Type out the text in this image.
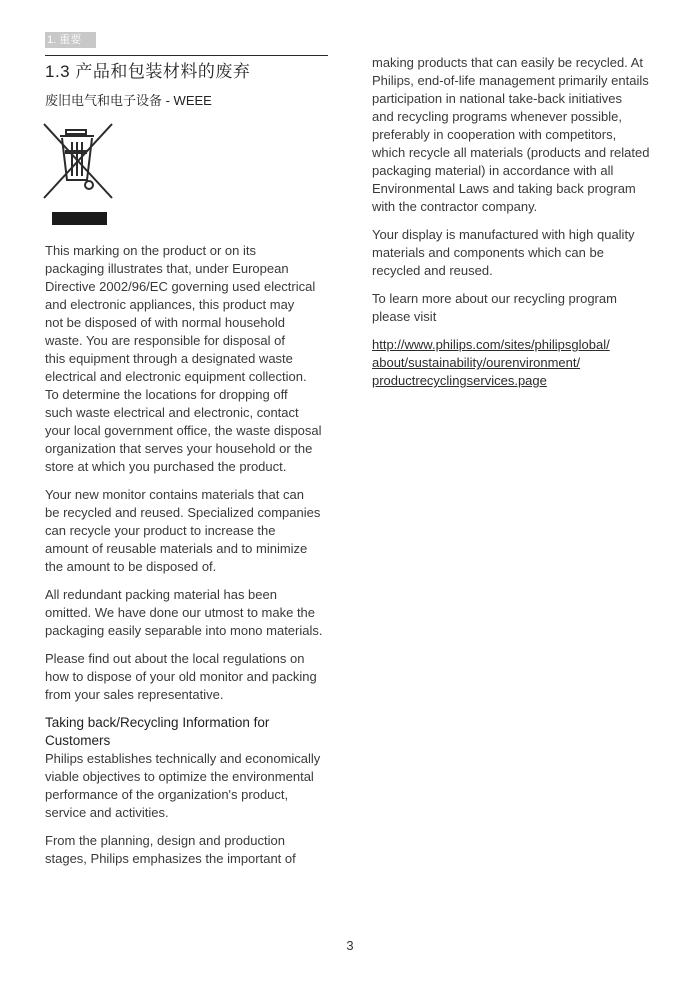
1. 重要
1.3 产品和包装材料的废弃
废旧电气和电子设备 - WEEE

This marking on the product or on its
packaging illustrates that, under European
Directive 2002/96/EC governing used electrical
and electronic appliances, this product may
not be disposed of with normal household
waste. You are responsible for disposal of
this equipment through a designated waste
electrical and electronic equipment collection.
To determine the locations for dropping off
such waste electrical and electronic, contact
your local government office, the waste disposal
organization that serves your household or the
store at which you purchased the product.

Your new monitor contains materials that can
be recycled and reused. Specialized companies
can recycle your product to increase the
amount of reusable materials and to minimize
the amount to be disposed of.

All redundant packing material has been
omitted. We have done our utmost to make the
packaging easily separable into mono materials.

Please find out about the local regulations on
how to dispose of your old monitor and packing
from your sales representative.

Taking back/Recycling Information for
Customers

Philips establishes technically and economically
viable objectives to optimize the environmental
performance of the organization's product,
service and activities.

From the planning, design and production
stages, Philips emphasizes the important of

making products that can easily be recycled. At
Philips, end-of-life management primarily entails
participation in national take-back initiatives
and recycling programs whenever possible,
preferably in cooperation with competitors,
which recycle all materials (products and related
packaging material) in accordance with all
Environmental Laws and taking back program
with the contractor company.

Your display is manufactured with high quality
materials and components which can be
recycled and reused.

To learn more about our recycling program
please visit

http://www.philips.com/sites/philipsglobal/
about/sustainability/ourenvironment/
productrecyclingservices.page
3
